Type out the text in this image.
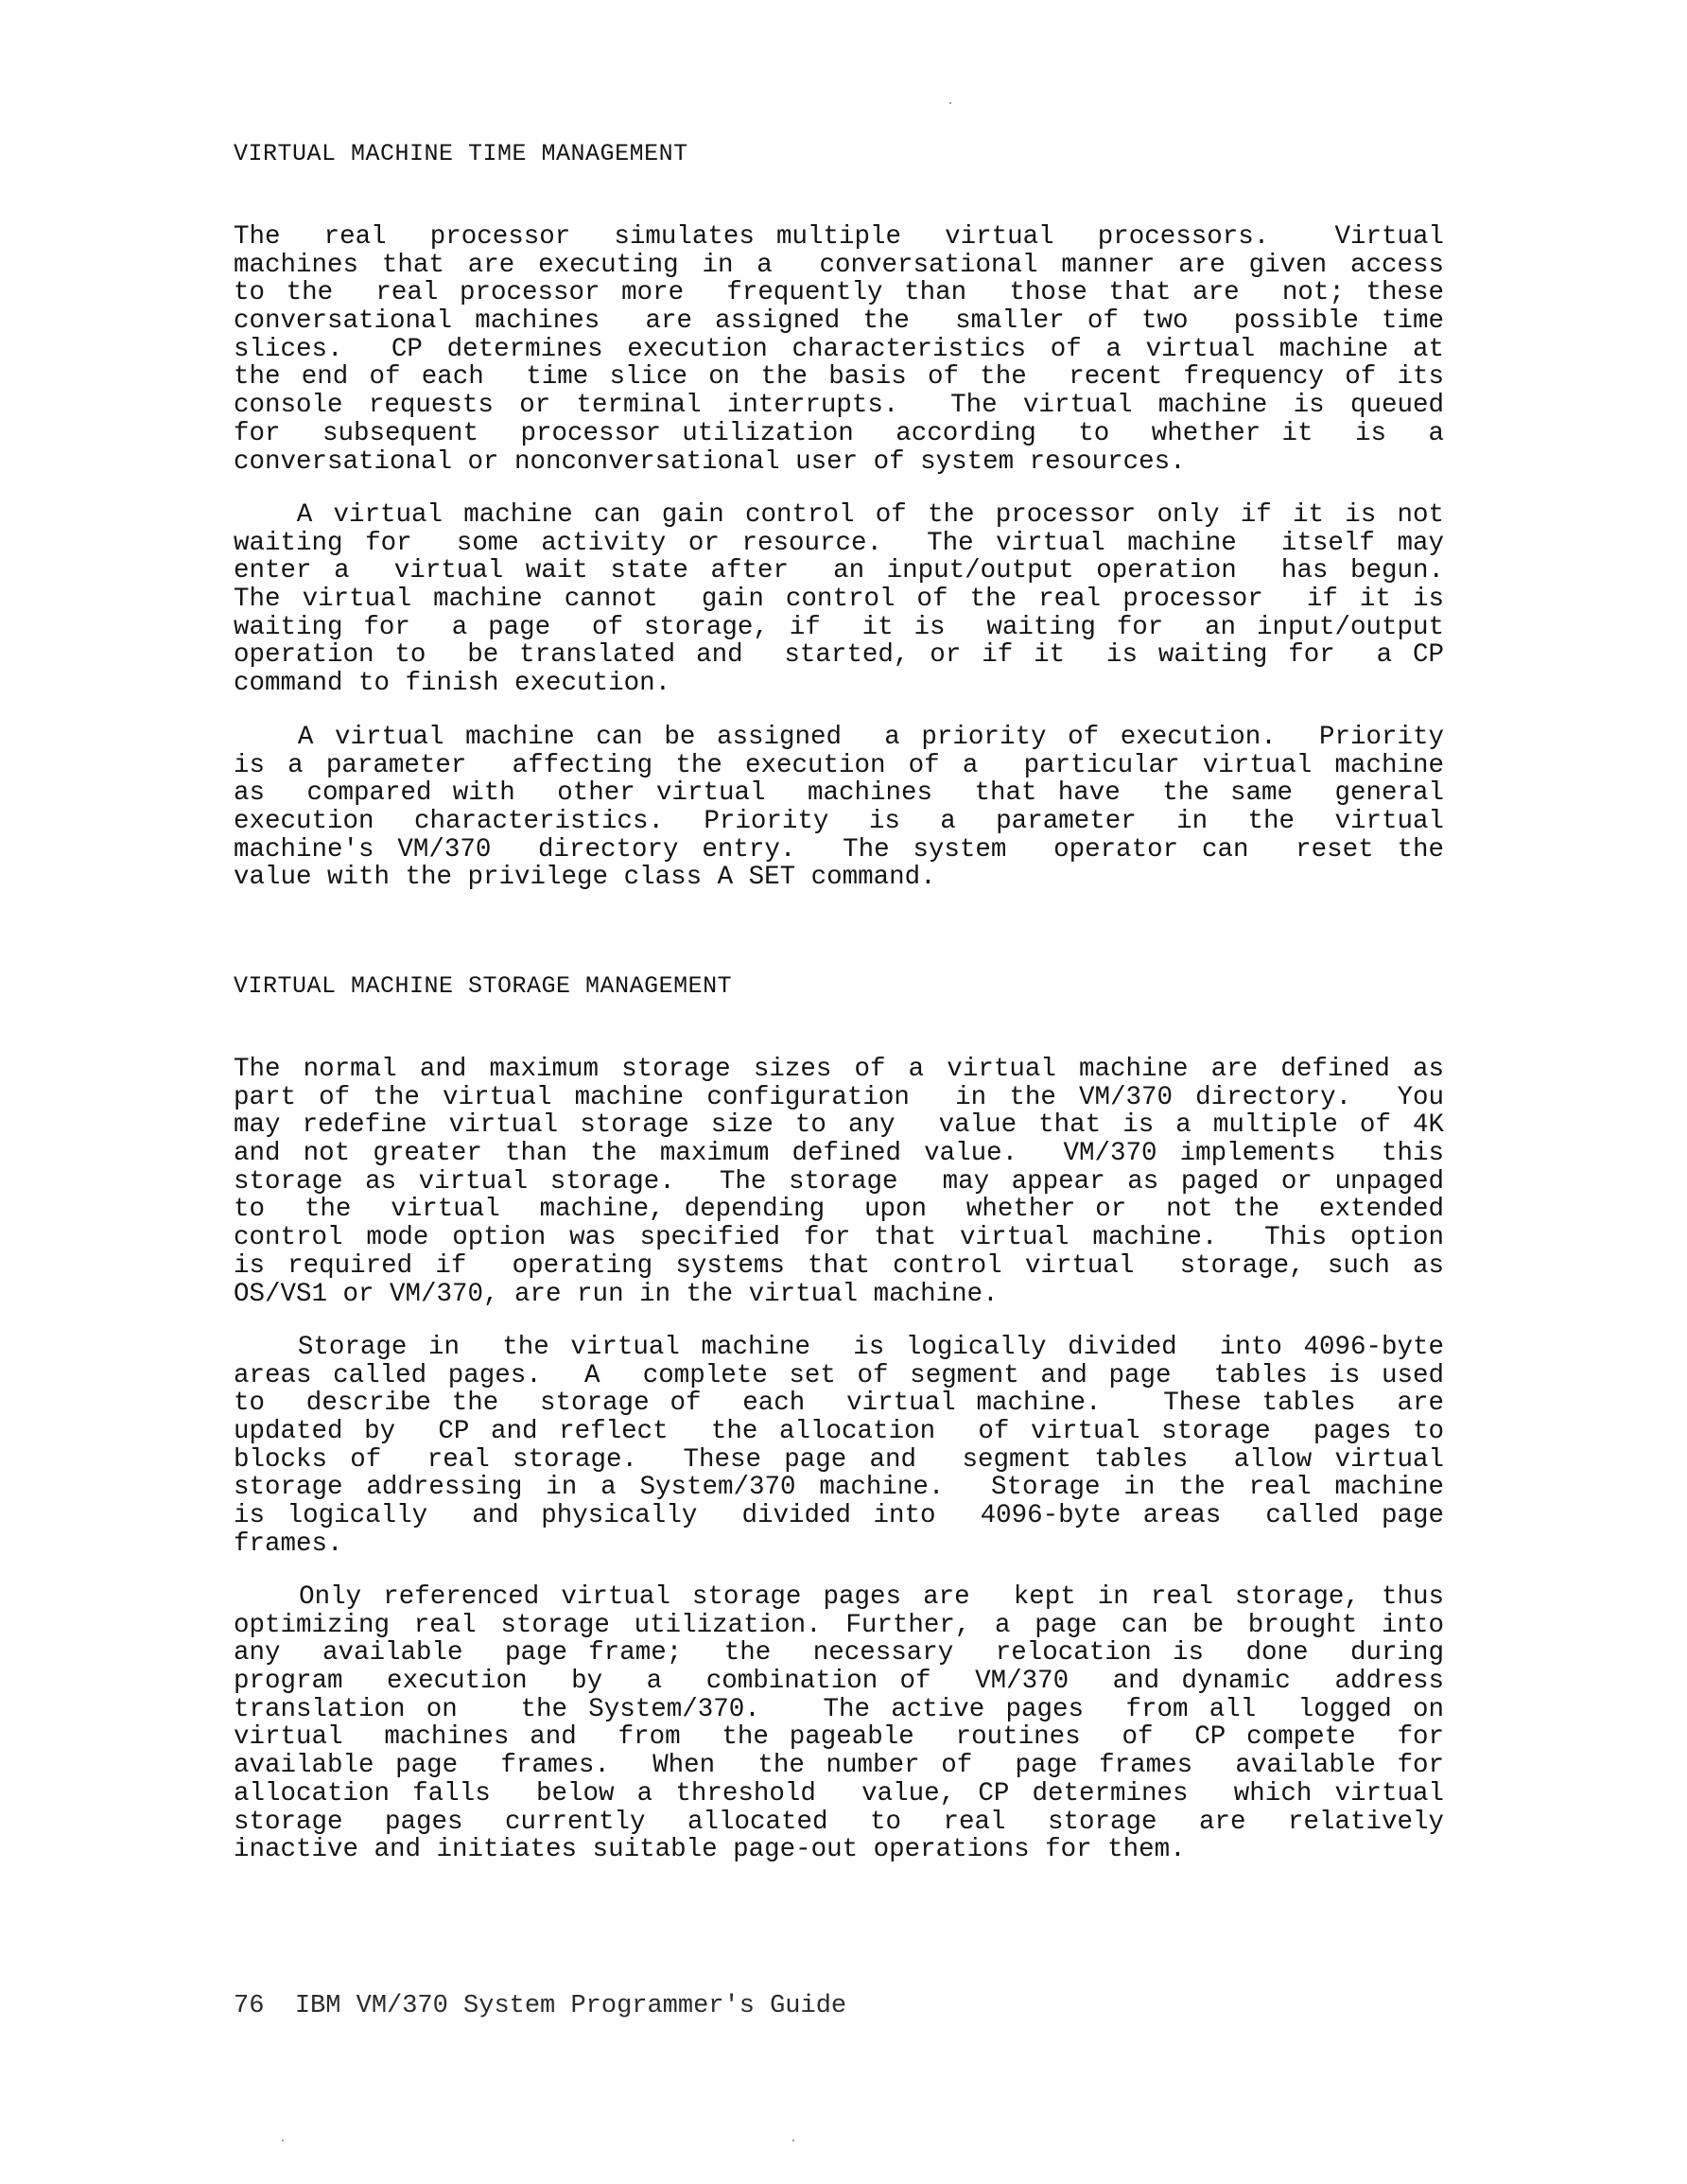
VIRTUAL MACHINE TIME MANAGEMENT
The  real  processor  simulates multiple  virtual  processors.   Virtual
machines that are executing in a  conversational manner are given access
to the  real processor more  frequently than  those that are  not; these
conversational machines  are assigned the  smaller of two  possible time
slices.  CP determines execution characteristics of a virtual machine at
the end of each  time slice on the basis of the  recent frequency of its
console requests or terminal interrupts.  The virtual machine is queued
for  subsequent  processor utilization  according  to  whether it  is  a
conversational or nonconversational user of system resources.
A virtual machine can gain control of the processor only if it is not
waiting for  some activity or resource.  The virtual machine  itself may
enter a  virtual wait state after  an input/output operation  has begun.
The virtual machine cannot  gain control of the real processor  if it is
waiting for  a page  of storage, if  it is  waiting for  an input/output
operation to  be translated and  started, or if it  is waiting for  a CP
command to finish execution.
A virtual machine can be assigned  a priority of execution.  Priority
is a parameter  affecting the execution of a  particular virtual machine
as  compared with  other virtual  machines  that have  the same  general
execution  characteristics.  Priority  is  a  parameter  in  the  virtual
machine's VM/370  directory entry.  The system  operator can  reset the
value with the privilege class A SET command.
VIRTUAL MACHINE STORAGE MANAGEMENT
The normal and maximum storage sizes of a virtual machine are defined as
part of the virtual machine configuration  in the VM/370 directory.  You
may redefine virtual storage size to any  value that is a multiple of 4K
and not greater than the maximum defined value.  VM/370 implements  this
storage as virtual storage.  The storage  may appear as paged or unpaged
to  the  virtual  machine, depending  upon  whether or  not the  extended
control mode option was specified for that virtual machine.  This option
is required if  operating systems that control virtual  storage, such as
OS/VS1 or VM/370, are run in the virtual machine.
Storage in  the virtual machine  is logically divided  into 4096-byte
areas called pages.  A  complete set of segment and page  tables is used
to  describe the  storage of  each  virtual machine.   These tables  are
updated by  CP and reflect  the allocation  of virtual storage  pages to
blocks of  real storage.  These page and  segment tables  allow virtual
storage addressing in a System/370 machine.  Storage in the real machine
is logically  and physically  divided into  4096-byte areas  called page
frames.
Only referenced virtual storage pages are  kept in real storage, thus
optimizing real storage utilization. Further, a page can be brought into
any  available  page frame;  the  necessary  relocation is  done  during
program  execution  by  a  combination of  VM/370  and dynamic  address
translation on   the System/370.   The active pages  from all  logged on
virtual  machines and  from  the pageable  routines  of  CP compete  for
available page  frames.  When  the number of  page frames  available for
allocation falls  below a threshold  value, CP determines  which virtual
storage  pages  currently  allocated  to  real  storage  are  relatively
inactive and initiates suitable page-out operations for them.
76 IBM VM/370 System Programmer's Guide
